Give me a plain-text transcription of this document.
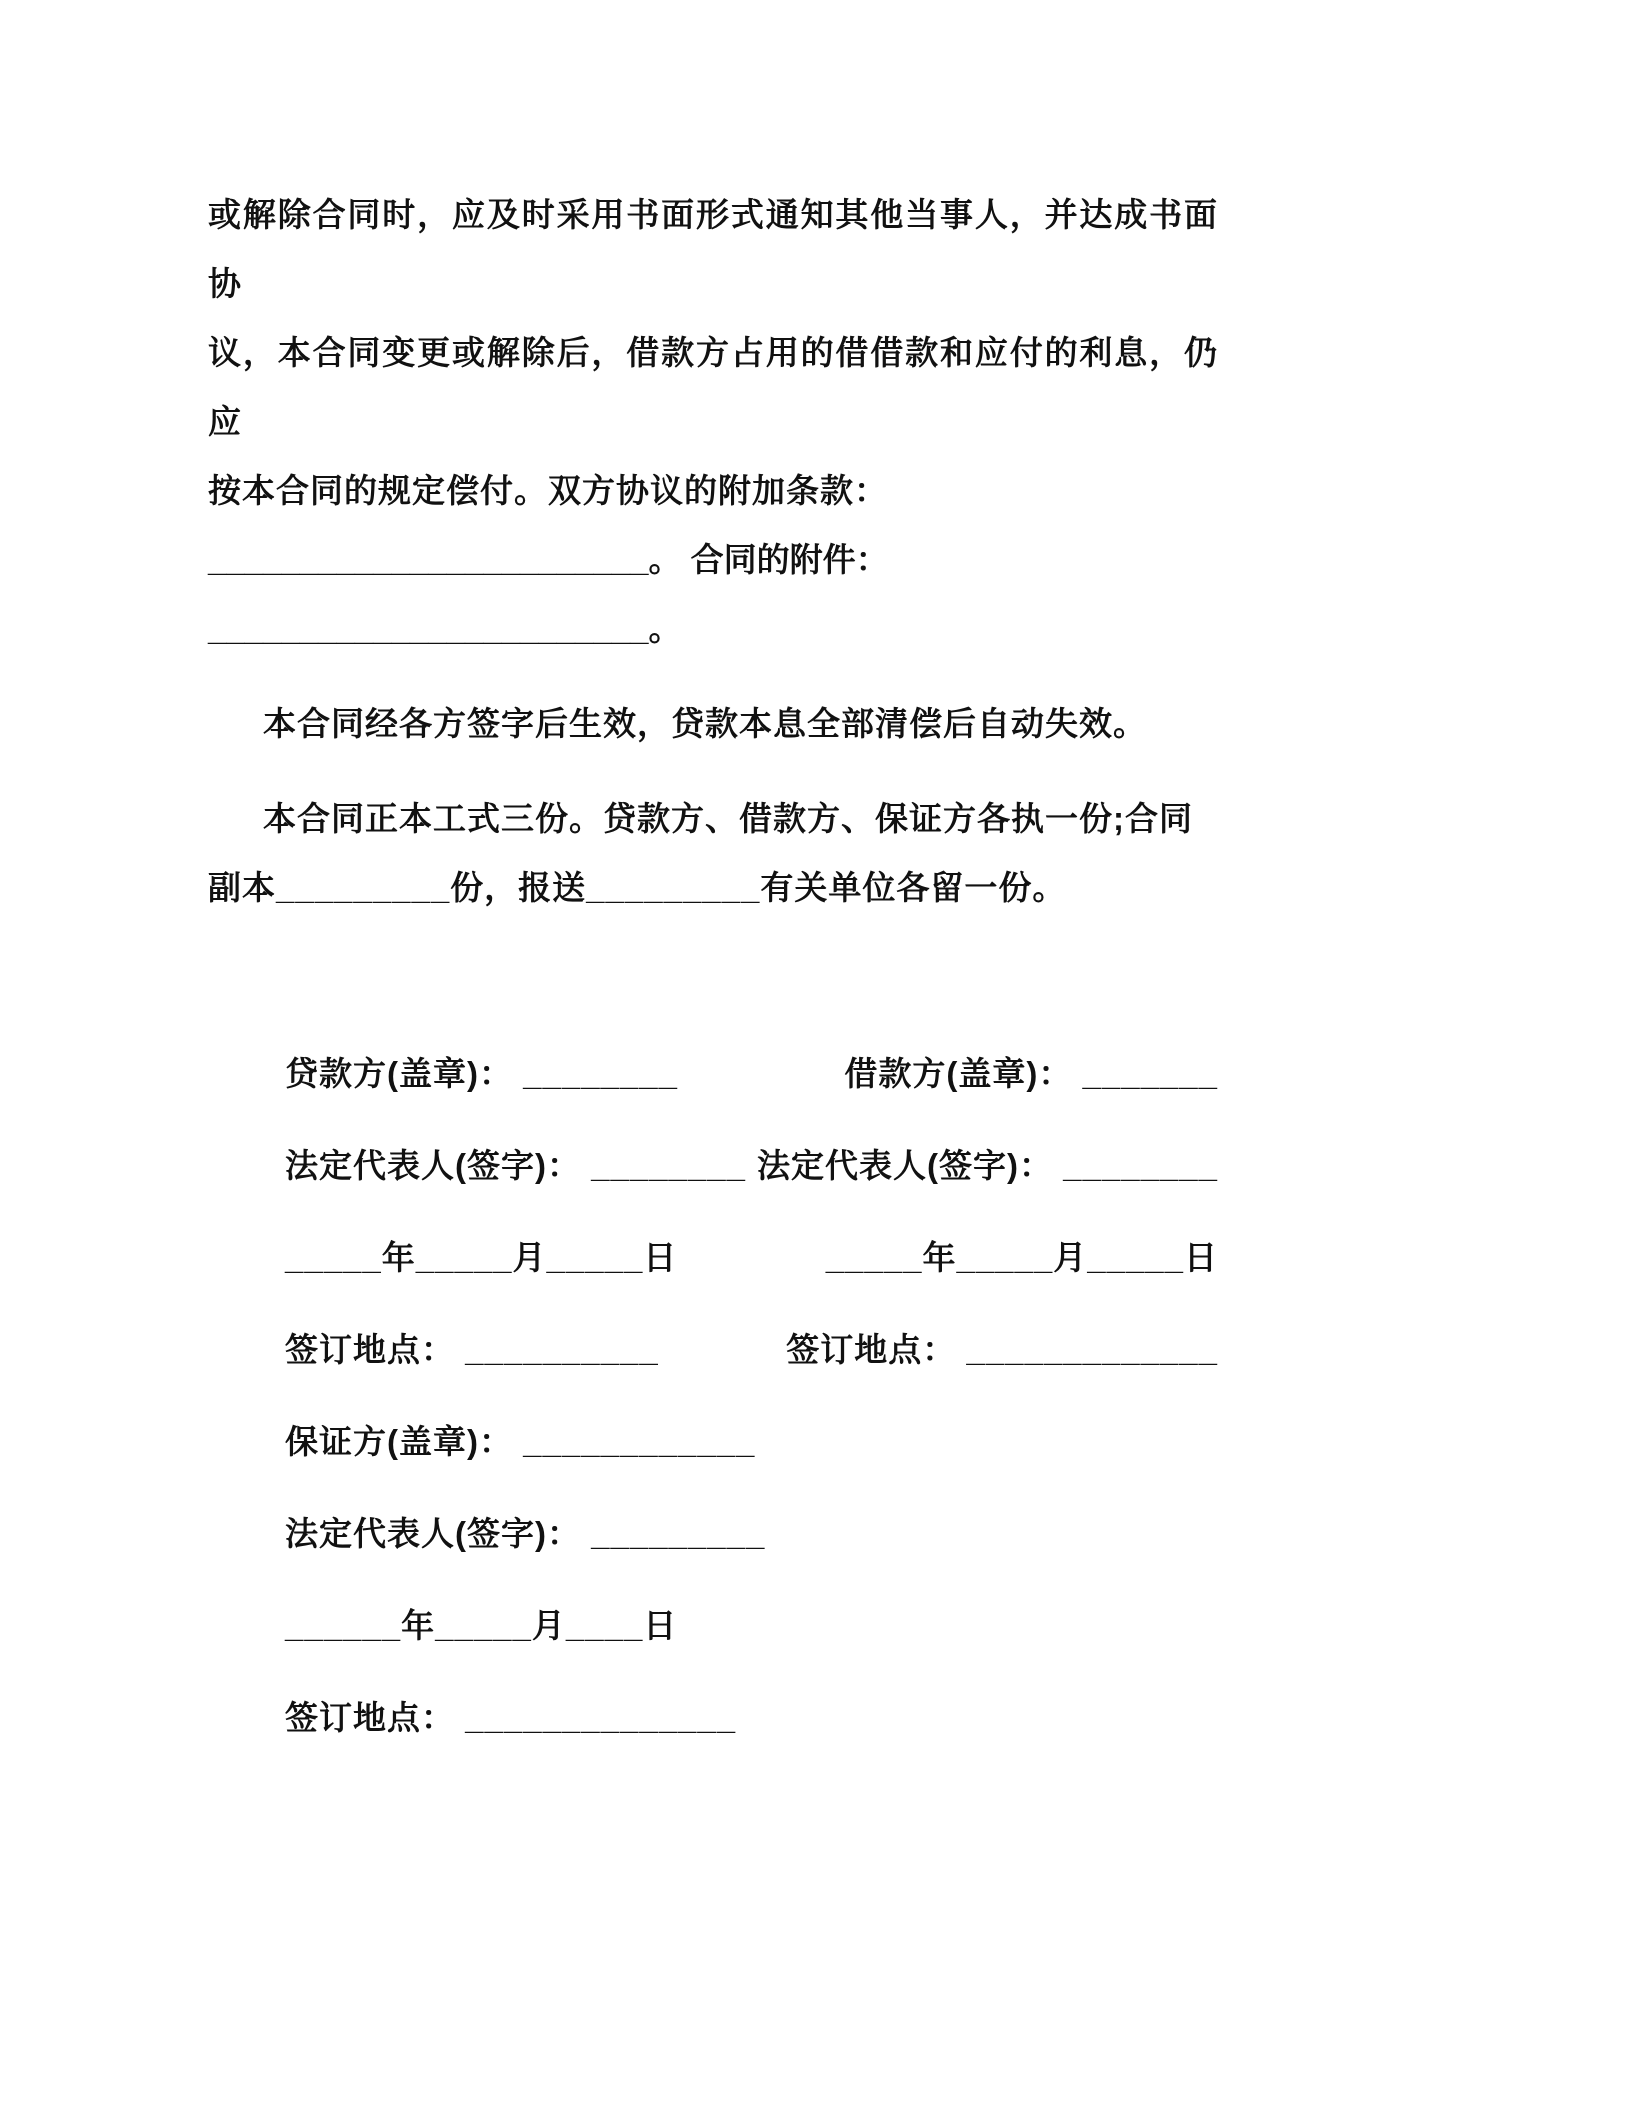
或解除合同时，应及时采用书面形式通知其他当事人，并达成书面协
议，本合同变更或解除后，借款方占用的借借款和应付的利息，仍应
按本合同的规定偿付。双方协议的附加条款：

________________________。 合同的附件：

________________________。

本合同经各方签字后生效，贷款本息全部清偿后自动失效。

本合同正本工式三份。贷款方、借款方、保证方各执一份;合同
副本_________份，报送_________有关单位各留一份。

贷款方(盖章)： ________	借款方(盖章)： _______
法定代表人(签字)： ________ 法定代表人(签字)： ________
_____年_____月_____日	_____年_____月_____日
签订地点： __________	签订地点： _____________
保证方(盖章)： ____________
法定代表人(签字)： _________
______年_____月____日
签订地点： ______________
